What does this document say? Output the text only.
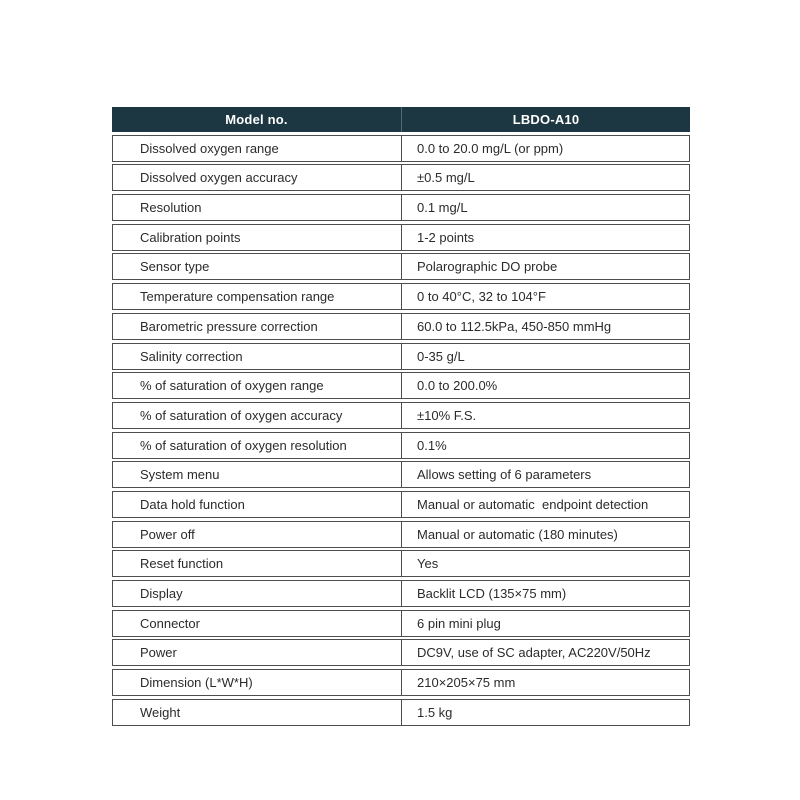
Model no.	LBDO-A10
Dissolved oxygen range	0.0 to 20.0 mg/L (or ppm)
Dissolved oxygen accuracy	±0.5 mg/L
Resolution	0.1 mg/L
Calibration points	1-2 points
Sensor type	Polarographic DO probe
Temperature compensation range	0 to 40°C, 32 to 104°F
Barometric pressure correction	60.0 to 112.5kPa, 450-850 mmHg
Salinity correction	0-35 g/L
% of saturation of oxygen range	0.0 to 200.0%
% of saturation of oxygen accuracy	±10% F.S.
% of saturation of oxygen resolution	0.1%
System menu	Allows setting of 6 parameters
Data hold function	Manual or automatic  endpoint detection
Power off	Manual or automatic (180 minutes)
Reset function	Yes
Display	Backlit LCD (135×75 mm)
Connector	6 pin mini plug
Power	DC9V, use of SC adapter, AC220V/50Hz
Dimension (L*W*H)	210×205×75 mm
Weight	1.5 kg
